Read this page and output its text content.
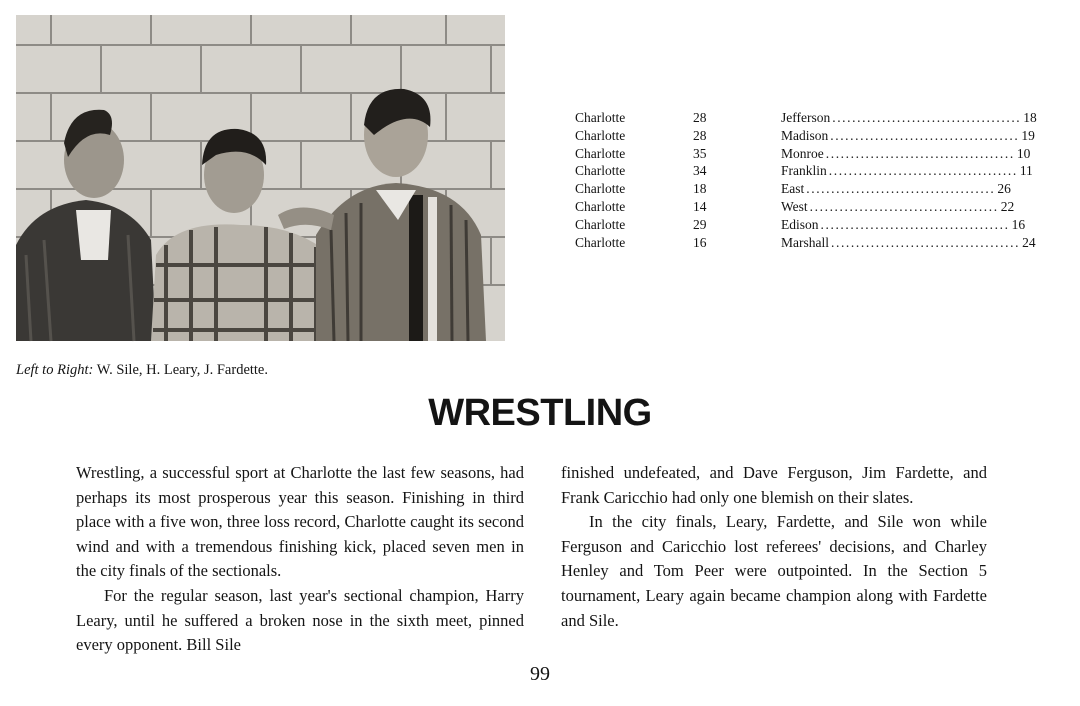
Left to Right: W. Sile, H. Leary, J. Fardette.
Charlotte	28	Jefferson ...................................... 18
Charlotte	28	Madison ...................................... 19
Charlotte	35	Monroe ...................................... 10
Charlotte	34	Franklin ...................................... 11
Charlotte	18	East ...................................... 26
Charlotte	14	West ...................................... 22
Charlotte	29	Edison ...................................... 16
Charlotte	16	Marshall ...................................... 24
WRESTLING

Wrestling, a successful sport at Charlotte the last few seasons, had perhaps its most prosperous year this season. Finishing in third place with a five won, three loss record, Charlotte caught its second wind and with a tremendous finishing kick, placed seven men in the city finals of the sectionals.

For the regular season, last year's sectional champion, Harry Leary, until he suffered a broken nose in the sixth meet, pinned every opponent. Bill Sile

finished undefeated, and Dave Ferguson, Jim Fardette, and Frank Caricchio had only one blemish on their slates.

In the city finals, Leary, Fardette, and Sile won while Ferguson and Caricchio lost referees' decisions, and Charley Henley and Tom Peer were outpointed. In the Section 5 tournament, Leary again became champion along with Fardette and Sile.

99
